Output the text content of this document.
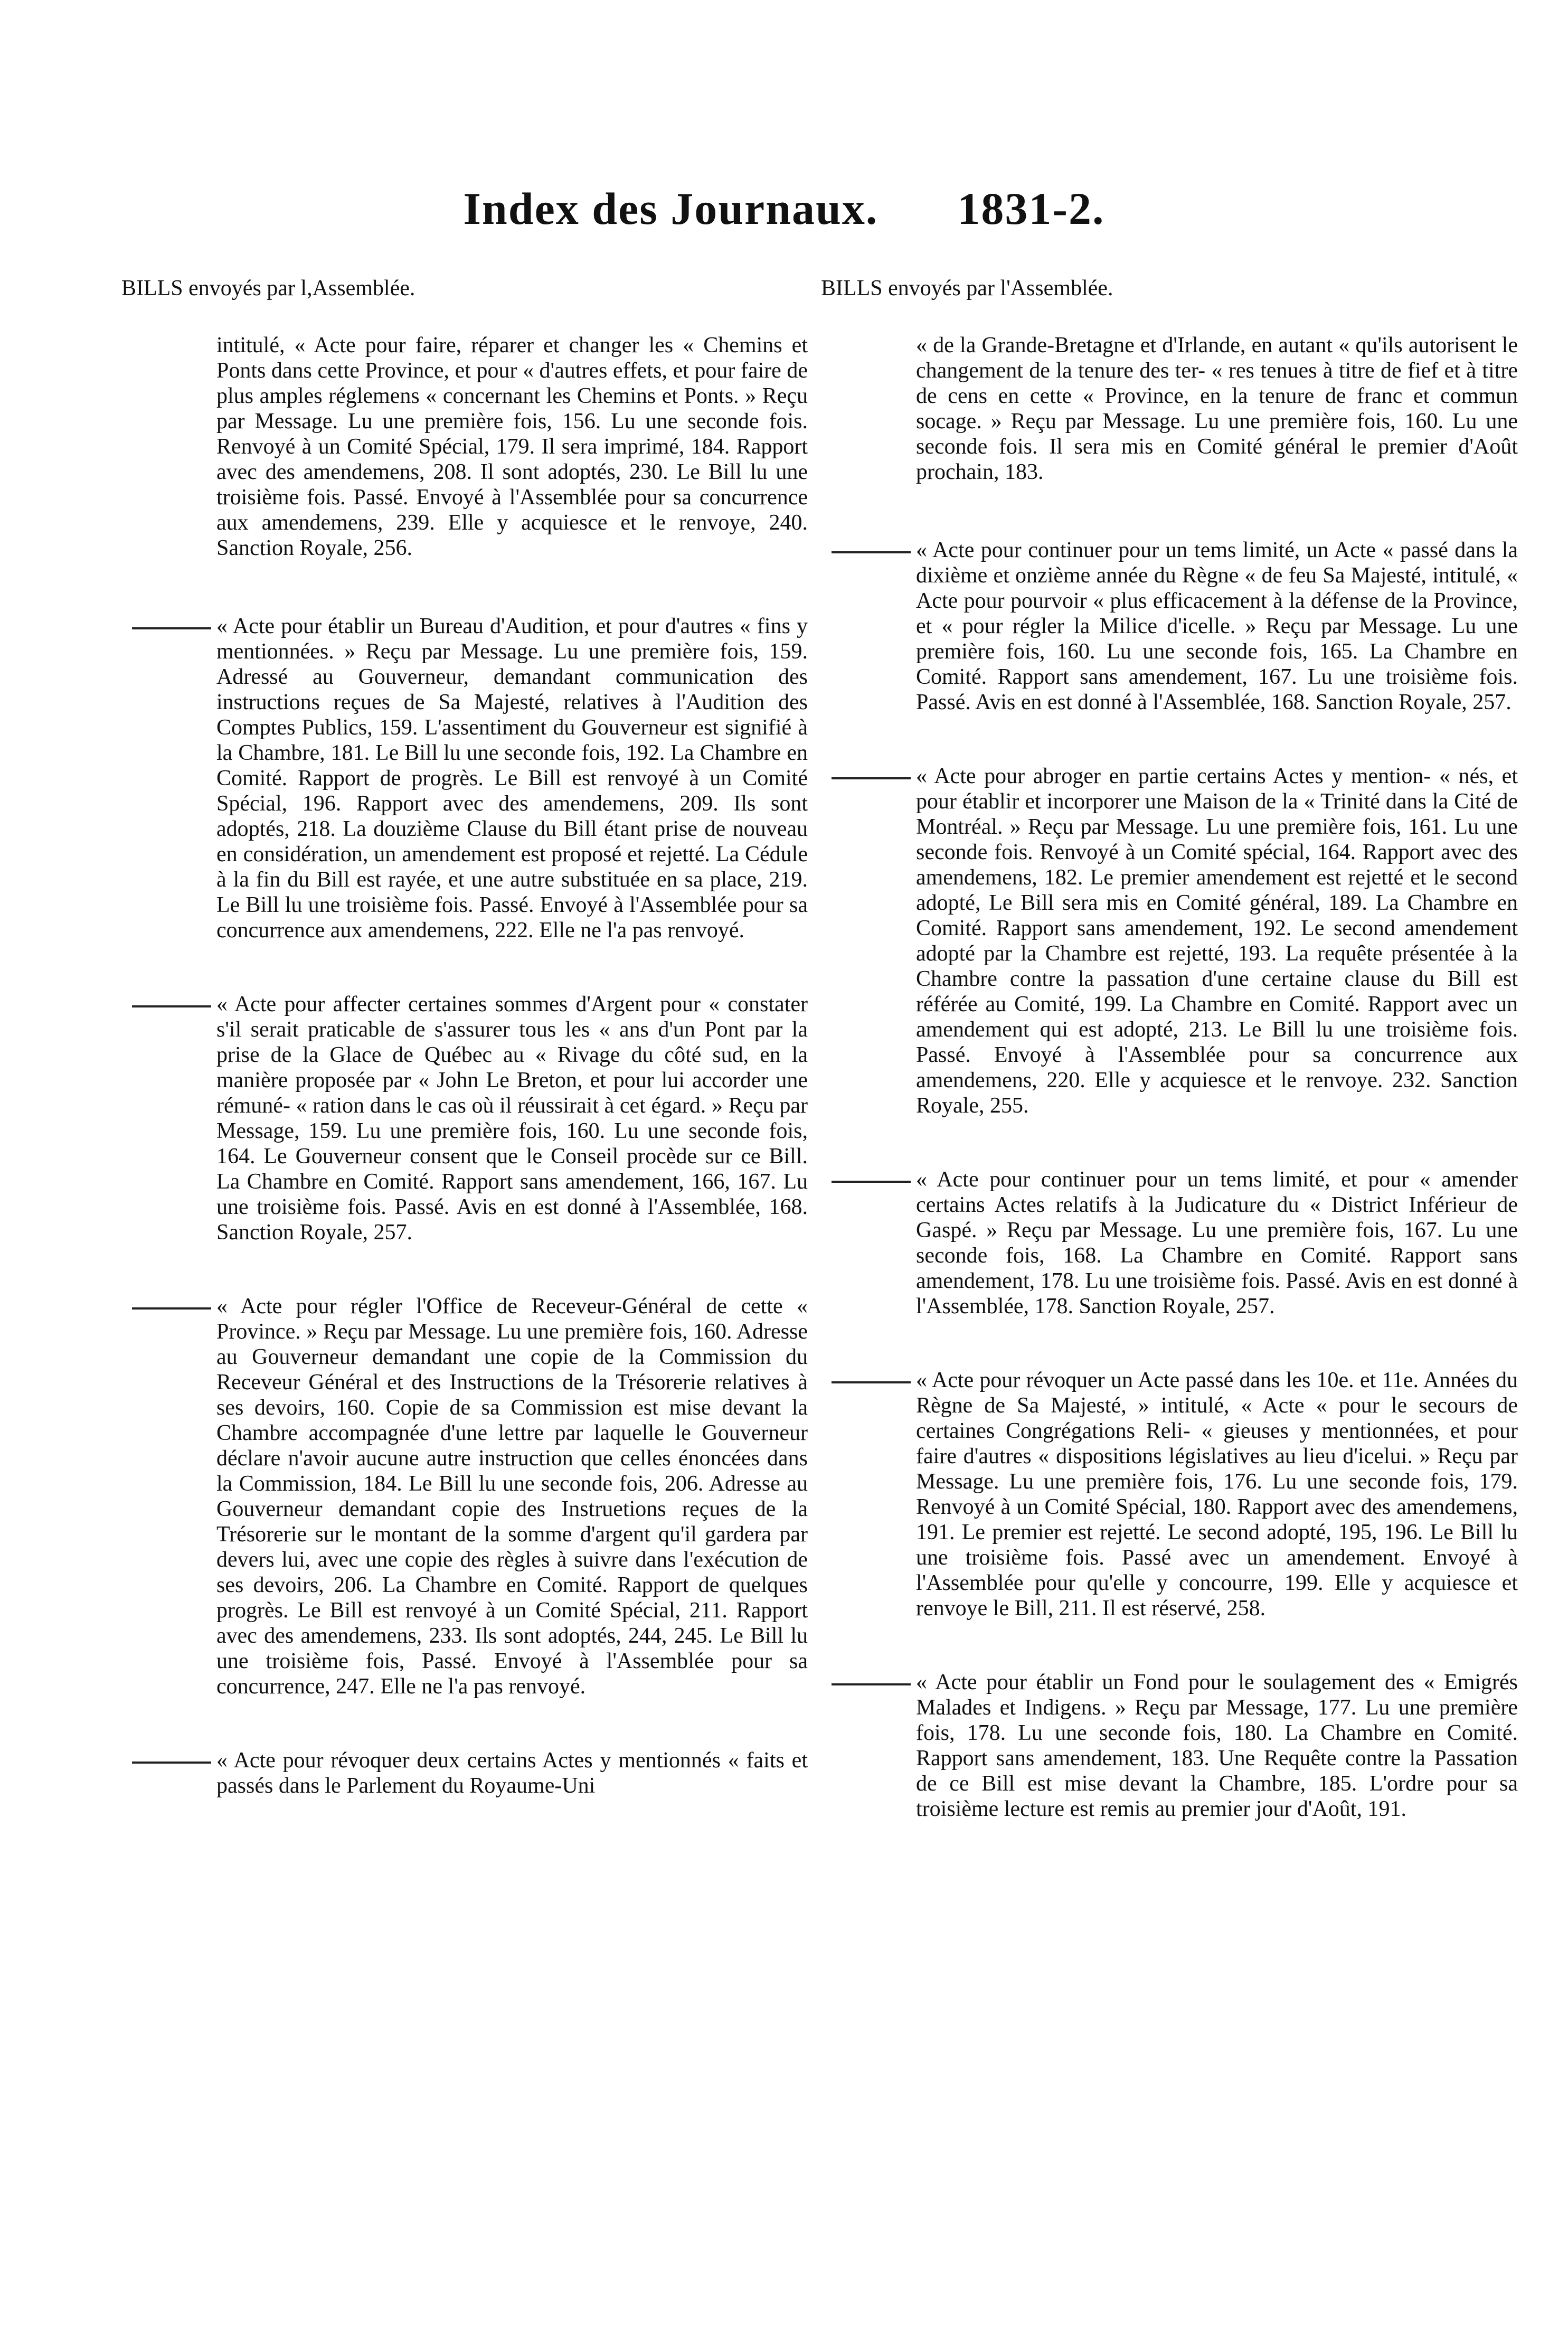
Index des Journaux. 1831-2.
BILLS envoyés par l,Assemblée.

intitulé, « Acte pour faire, réparer et changer les « Chemins et Ponts dans cette Province, et pour « d'autres effets, et pour faire de plus amples réglemens « concernant les Chemins et Ponts. » Reçu par Message. Lu une première fois, 156. Lu une seconde fois. Renvoyé à un Comité Spécial, 179. Il sera imprimé, 184. Rapport avec des amendemens, 208. Il sont adoptés, 230. Le Bill lu une troisième fois. Passé. Envoyé à l'Assemblée pour sa concurrence aux amendemens, 239. Elle y acquiesce et le renvoye, 240. Sanction Royale, 256.

« Acte pour établir un Bureau d'Audition, et pour d'autres « fins y mentionnées. » Reçu par Message. Lu une première fois, 159. Adressé au Gouverneur, demandant communication des instructions reçues de Sa Majesté, relatives à l'Audition des Comptes Publics, 159. L'assentiment du Gouverneur est signifié à la Chambre, 181. Le Bill lu une seconde fois, 192. La Chambre en Comité. Rapport de progrès. Le Bill est renvoyé à un Comité Spécial, 196. Rapport avec des amendemens, 209. Ils sont adoptés, 218. La douzième Clause du Bill étant prise de nouveau en considération, un amendement est proposé et rejetté. La Cédule à la fin du Bill est rayée, et une autre substituée en sa place, 219. Le Bill lu une troisième fois. Passé. Envoyé à l'Assemblée pour sa concurrence aux amendemens, 222. Elle ne l'a pas renvoyé.

« Acte pour affecter certaines sommes d'Argent pour « constater s'il serait praticable de s'assurer tous les « ans d'un Pont par la prise de la Glace de Québec au « Rivage du côté sud, en la manière proposée par « John Le Breton, et pour lui accorder une rémuné- « ration dans le cas où il réussirait à cet égard. » Reçu par Message, 159. Lu une première fois, 160. Lu une seconde fois, 164. Le Gouverneur consent que le Conseil procède sur ce Bill. La Chambre en Comité. Rapport sans amendement, 166, 167. Lu une troisième fois. Passé. Avis en est donné à l'Assemblée, 168. Sanction Royale, 257.

« Acte pour régler l'Office de Receveur-Général de cette « Province. » Reçu par Message. Lu une première fois, 160. Adresse au Gouverneur demandant une copie de la Commission du Receveur Général et des Instructions de la Trésorerie relatives à ses devoirs, 160. Copie de sa Commission est mise devant la Chambre accompagnée d'une lettre par laquelle le Gouverneur déclare n'avoir aucune autre instruction que celles énoncées dans la Commission, 184. Le Bill lu une seconde fois, 206. Adresse au Gouverneur demandant copie des Instruetions reçues de la Trésorerie sur le montant de la somme d'argent qu'il gardera par devers lui, avec une copie des règles à suivre dans l'exécution de ses devoirs, 206. La Chambre en Comité. Rapport de quelques progrès. Le Bill est renvoyé à un Comité Spécial, 211. Rapport avec des amendemens, 233. Ils sont adoptés, 244, 245. Le Bill lu une troisième fois, Passé. Envoyé à l'Assemblée pour sa concurrence, 247. Elle ne l'a pas renvoyé.

« Acte pour révoquer deux certains Actes y mentionnés « faits et passés dans le Parlement du Royaume-Uni

BILLS envoyés par l'Assemblée.

« de la Grande-Bretagne et d'Irlande, en autant « qu'ils autorisent le changement de la tenure des ter- « res tenues à titre de fief et à titre de cens en cette « Province, en la tenure de franc et commun socage. » Reçu par Message. Lu une première fois, 160. Lu une seconde fois. Il sera mis en Comité général le premier d'Août prochain, 183.

« Acte pour continuer pour un tems limité, un Acte « passé dans la dixième et onzième année du Règne « de feu Sa Majesté, intitulé, « Acte pour pourvoir « plus efficacement à la défense de la Province, et « pour régler la Milice d'icelle. » Reçu par Message. Lu une première fois, 160. Lu une seconde fois, 165. La Chambre en Comité. Rapport sans amendement, 167. Lu une troisième fois. Passé. Avis en est donné à l'Assemblée, 168. Sanction Royale, 257.

« Acte pour abroger en partie certains Actes y mention- « nés, et pour établir et incorporer une Maison de la « Trinité dans la Cité de Montréal. » Reçu par Message. Lu une première fois, 161. Lu une seconde fois. Renvoyé à un Comité spécial, 164. Rapport avec des amendemens, 182. Le premier amendement est rejetté et le second adopté, Le Bill sera mis en Comité général, 189. La Chambre en Comité. Rapport sans amendement, 192. Le second amendement adopté par la Chambre est rejetté, 193. La requête présentée à la Chambre contre la passation d'une certaine clause du Bill est référée au Comité, 199. La Chambre en Comité. Rapport avec un amendement qui est adopté, 213. Le Bill lu une troisième fois. Passé. Envoyé à l'Assemblée pour sa concurrence aux amendemens, 220. Elle y acquiesce et le renvoye. 232. Sanction Royale, 255.

« Acte pour continuer pour un tems limité, et pour « amender certains Actes relatifs à la Judicature du « District Inférieur de Gaspé. » Reçu par Message. Lu une première fois, 167. Lu une seconde fois, 168. La Chambre en Comité. Rapport sans amendement, 178. Lu une troisième fois. Passé. Avis en est donné à l'Assemblée, 178. Sanction Royale, 257.

« Acte pour révoquer un Acte passé dans les 10e. et 11e. Années du Règne de Sa Majesté, » intitulé, « Acte « pour le secours de certaines Congrégations Reli- « gieuses y mentionnées, et pour faire d'autres « dispositions législatives au lieu d'icelui. » Reçu par Message. Lu une première fois, 176. Lu une seconde fois, 179. Renvoyé à un Comité Spécial, 180. Rapport avec des amendemens, 191. Le premier est rejetté. Le second adopté, 195, 196. Le Bill lu une troisième fois. Passé avec un amendement. Envoyé à l'Assemblée pour qu'elle y concourre, 199. Elle y acquiesce et renvoye le Bill, 211. Il est réservé, 258.

« Acte pour établir un Fond pour le soulagement des « Emigrés Malades et Indigens. » Reçu par Message, 177. Lu une première fois, 178. Lu une seconde fois, 180. La Chambre en Comité. Rapport sans amendement, 183. Une Requête contre la Passation de ce Bill est mise devant la Chambre, 185. L'ordre pour sa troisième lecture est remis au premier jour d'Août, 191.
